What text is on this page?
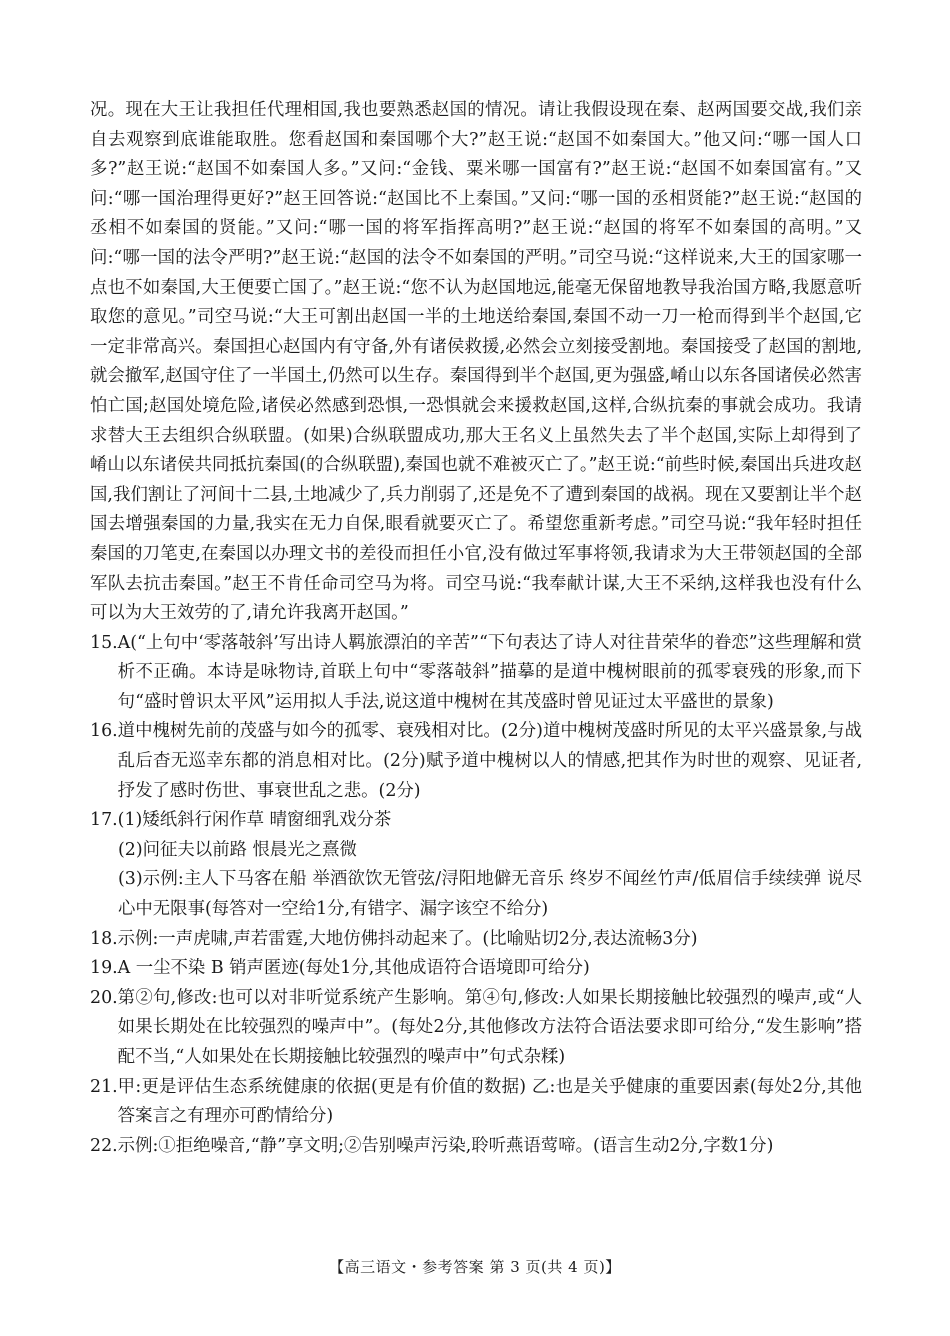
况。现在大王让我担任代理相国,我也要熟悉赵国的情况。请让我假设现在秦、赵两国要交战,我们亲自去观察到底谁能取胜。您看赵国和秦国哪个大?”赵王说:“赵国不如秦国大。”他又问:“哪一国人口多?”赵王说:“赵国不如秦国人多。”又问:“金钱、粟米哪一国富有?”赵王说:“赵国不如秦国富有。”又问:“哪一国治理得更好?”赵王回答说:“赵国比不上秦国。”又问:“哪一国的丞相贤能?”赵王说:“赵国的丞相不如秦国的贤能。”又问:“哪一国的将军指挥高明?”赵王说:“赵国的将军不如秦国的高明。”又问:“哪一国的法令严明?”赵王说:“赵国的法令不如秦国的严明。”司空马说:“这样说来,大王的国家哪一点也不如秦国,大王便要亡国了。”赵王说:“您不认为赵国地远,能毫无保留地教导我治国方略,我愿意听取您的意见。”司空马说:“大王可割出赵国一半的土地送给秦国,秦国不动一刀一枪而得到半个赵国,它一定非常高兴。秦国担心赵国内有守备,外有诸侯救援,必然会立刻接受割地。秦国接受了赵国的割地,就会撤军,赵国守住了一半国土,仍然可以生存。秦国得到半个赵国,更为强盛,崤山以东各国诸侯必然害怕亡国;赵国处境危险,诸侯必然感到恐惧,一恐惧就会来援救赵国,这样,合纵抗秦的事就会成功。我请求替大王去组织合纵联盟。(如果)合纵联盟成功,那大王名义上虽然失去了半个赵国,实际上却得到了崤山以东诸侯共同抵抗秦国(的合纵联盟),秦国也就不难被灭亡了。”赵王说:“前些时候,秦国出兵进攻赵国,我们割让了河间十二县,土地减少了,兵力削弱了,还是免不了遭到秦国的战祸。现在又要割让半个赵国去增强秦国的力量,我实在无力自保,眼看就要灭亡了。希望您重新考虑。”司空马说:“我年轻时担任秦国的刀笔吏,在秦国以办理文书的差役而担任小官,没有做过军事将领,我请求为大王带领赵国的全部军队去抗击秦国。”赵王不肯任命司空马为将。司空马说:“我奉献计谋,大王不采纳,这样我也没有什么可以为大王效劳的了,请允许我离开赵国。”

15. A(“上句中‘零落攲斜’写出诗人羁旅漂泊的辛苦”“下句表达了诗人对往昔荣华的眷恋”这些理解和赏析不正确。本诗是咏物诗,首联上句中“零落攲斜”描摹的是道中槐树眼前的孤零衰残的形象,而下句“盛时曾识太平风”运用拟人手法,说这道中槐树在其茂盛时曾见证过太平盛世的景象)
16. 道中槐树先前的茂盛与如今的孤零、衰残相对比。(2分)道中槐树茂盛时所见的太平兴盛景象,与战乱后杳无巡幸东都的消息相对比。(2分)赋予道中槐树以人的情感,把其作为时世的观察、见证者,抒发了感时伤世、事衰世乱之悲。(2分)
17. (1)矮纸斜行闲作草 晴窗细乳戏分茶

(2)问征夫以前路 恨晨光之熹微

(3)示例:主人下马客在船 举酒欲饮无管弦/浔阳地僻无音乐 终岁不闻丝竹声/低眉信手续续弹 说尽心中无限事(每答对一空给1分,有错字、漏字该空不给分)

18. 示例:一声虎啸,声若雷霆,大地仿佛抖动起来了。(比喻贴切2分,表达流畅3分)
19. A 一尘不染 B 销声匿迹(每处1分,其他成语符合语境即可给分)
20. 第②句,修改:也可以对非听觉系统产生影响。第④句,修改:人如果长期接触比较强烈的噪声,或“人如果长期处在比较强烈的噪声中”。(每处2分,其他修改方法符合语法要求即可给分,“发生影响”搭配不当,“人如果处在长期接触比较强烈的噪声中”句式杂糅)
21. 甲:更是评估生态系统健康的依据(更是有价值的数据) 乙:也是关乎健康的重要因素(每处2分,其他答案言之有理亦可酌情给分)
22. 示例:①拒绝噪音,“静”享文明;②告别噪声污染,聆听燕语莺啼。(语言生动2分,字数1分)
【高三语文・参考答案 第 3 页(共 4 页)】
